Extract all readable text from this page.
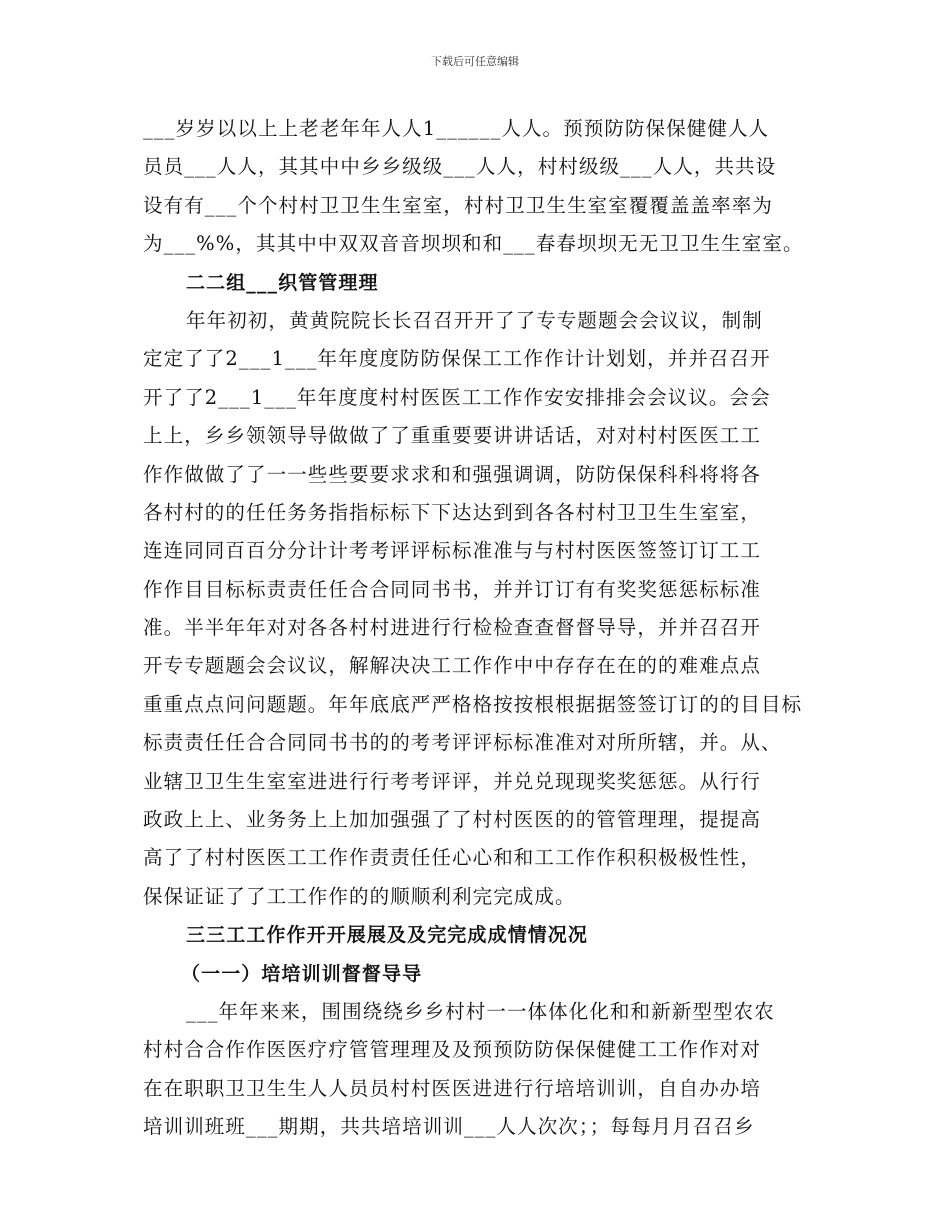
下载后可任意编辑
___岁岁以以上上老老年年人人1______人人。预预防防保保健健人人
员员___人人，其其中中乡乡级级___人人，村村级级___人人，共共设
设有有___个个村村卫卫生生室室，村村卫卫生生室室覆覆盖盖率率为
为___%%，其其中中双双音音坝坝和和___春春坝坝无无卫卫生生室室。
二二组___织管管理理
年年初初，黄黄院院长长召召开开了了专专题题会会议议，制制
定定了了2___1___年年度度防防保保工工作作计计划划，并并召召开
开了了2___1___年年度度村村医医工工作作安安排排会会议议。会会
上上，乡乡领领导导做做了了重重要要讲讲话话，对对村村医医工工
作作做做了了一一些些要要求求和和强强调调，防防保保科科将将各
各村村的的任任务务指指标标下下达达到到各各村村卫卫生生室室，
连连同同百百分分计计考考评评标标准准与与村村医医签签订订工工
作作目目标标责责任任合合同同书书，并并订订有有奖奖惩惩标标准
准。半半年年对对各各村村进进行行检检查查督督导导，并并召召开
开专专题题会会议议，解解决决工工作作中中存存在在的的难难点点
重重点点问问题题。年年底底严严格格按按根根据据签签订订的的目目标
标责责任任合合同同书书的的考考评评标标准准对对所所辖，并。从、
业辖卫卫生生室室进进行行考考评评，并兑兑现现奖奖惩惩。从行行
政政上上、业务务上上加加强强了了村村医医的的管管理理，提提高
高了了村村医医工工作作责责任任心心和和工工作作积积极极性性，
保保证证了了工工作作的的顺顺利利完完成成。
三三工工作作开开展展及及完完成成情情况况
（一一）培培训训督督导导
___年年来来，围围绕绕乡乡村村一一体体化化和和新新型型农农
村村合合作作医医疗疗管管理理及及预预防防保保健健工工作作对对
在在职职卫卫生生人人员员村村医医进进行行培培训训，自自办办培
培训训班班___期期，共共培培训训___人人次次；；每每月月召召乡
